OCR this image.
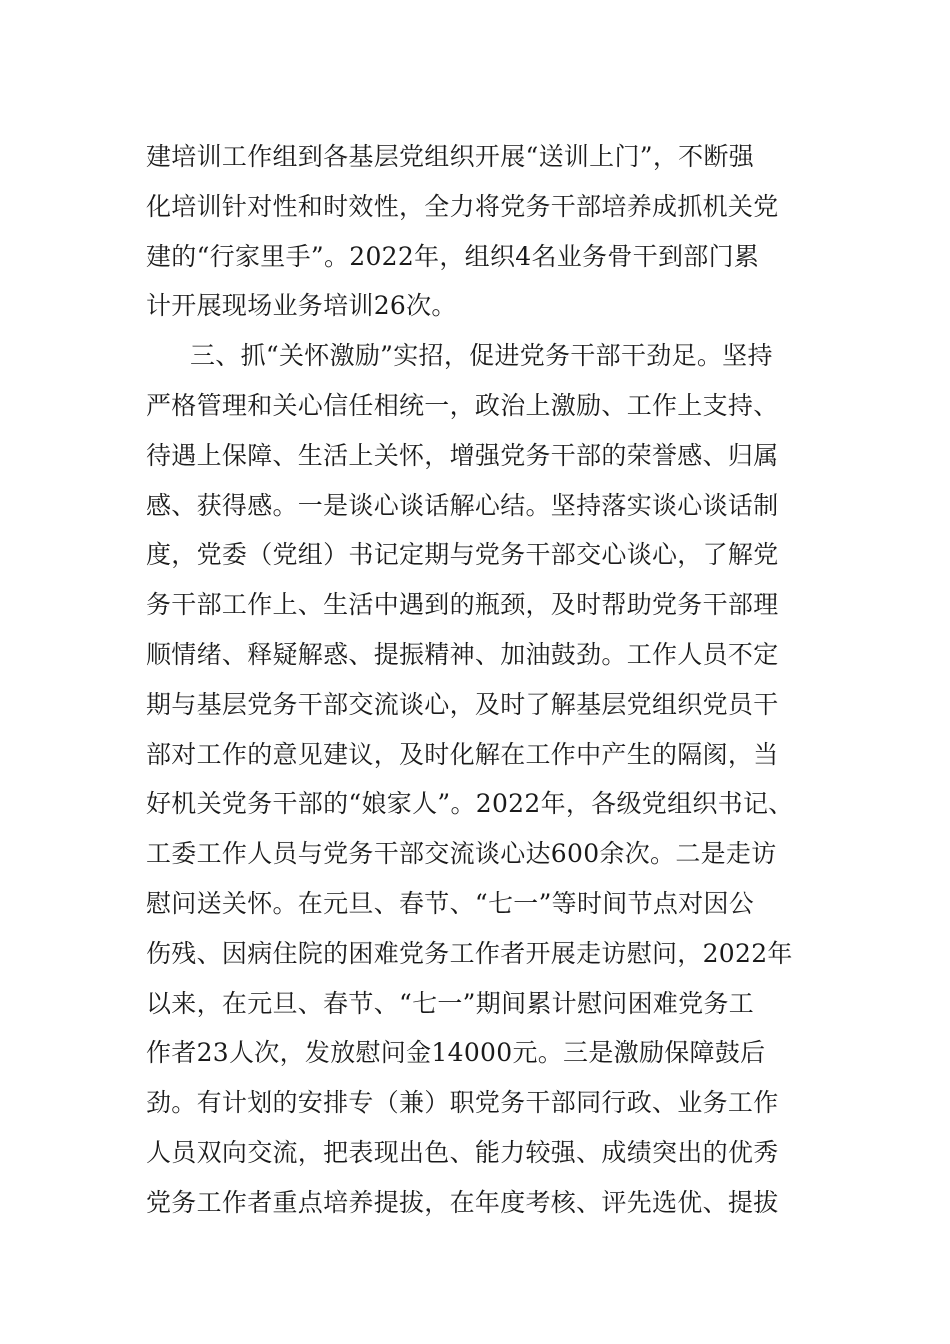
建培训工作组到各基层党组织开展“送训上门”，不断强
化培训针对性和时效性，全力将党务干部培养成抓机关党
建的“行家里手”。2022年，组织4名业务骨干到部门累
计开展现场业务培训26次。
三、抓“关怀激励”实招，促进党务干部干劲足。坚持
严格管理和关心信任相统一，政治上激励、工作上支持、
待遇上保障、生活上关怀，增强党务干部的荣誉感、归属
感、获得感。一是谈心谈话解心结。坚持落实谈心谈话制
度，党委（党组）书记定期与党务干部交心谈心，了解党
务干部工作上、生活中遇到的瓶颈，及时帮助党务干部理
顺情绪、释疑解惑、提振精神、加油鼓劲。工作人员不定
期与基层党务干部交流谈心，及时了解基层党组织党员干
部对工作的意见建议，及时化解在工作中产生的隔阂，当
好机关党务干部的“娘家人”。2022年，各级党组织书记、
工委工作人员与党务干部交流谈心达600余次。二是走访
慰问送关怀。在元旦、春节、“七一”等时间节点对因公
伤残、因病住院的困难党务工作者开展走访慰问，2022年
以来，在元旦、春节、“七一”期间累计慰问困难党务工
作者23人次，发放慰问金14000元。三是激励保障鼓后
劲。有计划的安排专（兼）职党务干部同行政、业务工作
人员双向交流，把表现出色、能力较强、成绩突出的优秀
党务工作者重点培养提拔，在年度考核、评先选优、提拔
